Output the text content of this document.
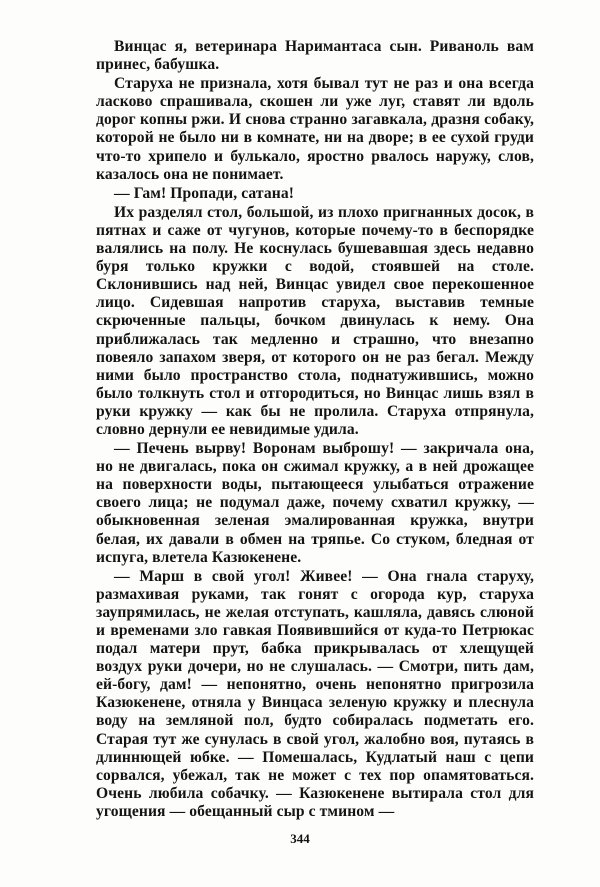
Винцас я, ветеринара Наримантаса сын. Риваноль вам принес, бабушка.

Старуха не признала, хотя бывал тут не раз и она всегда ласково спрашивала, скошен ли уже луг, ставят ли вдоль дорог копны ржи. И снова странно загавкала, дразня собаку, которой не было ни в комнате, ни на дворе; в ее сухой груди что-то хрипело и булькало, яростно рвалось наружу, слов, казалось она не понимает.

— Гам! Пропади, сатана!

Их разделял стол, большой, из плохо пригнанных досок, в пятнах и саже от чугунов, которые почему-то в беспорядке валялись на полу. Не коснулась бушевавшая здесь недавно буря только кружки с водой, стоявшей на столе. Склонившись над ней, Винцас увидел свое перекошенное лицо. Сидевшая напротив старуха, выставив темные скрюченные пальцы, бочком двинулась к нему. Она приближалась так медленно и страшно, что внезапно повеяло запахом зверя, от которого он не раз бегал. Между ними было пространство стола, поднатужившись, можно было толкнуть стол и отгородиться, но Винцас лишь взял в руки кружку — как бы не пролила. Старуха отпрянула, словно дернули ее невидимые удила.

— Печень вырву! Воронам выброшу! — закричала она, но не двигалась, пока он сжимал кружку, а в ней дрожащее на поверхности воды, пытающееся улыбаться отражение своего лица; не подумал даже, почему схватил кружку, — обыкновенная зеленая эмалированная кружка, внутри белая, их давали в обмен на тряпье. Со стуком, бледная от испуга, влетела Казюкенене.

— Марш в свой угол! Живее! — Она гнала старуху, размахивая руками, так гонят с огорода кур, старуха заупрямилась, не желая отступать, кашляла, давясь слюной и временами зло гавкая Появившийся от куда-то Петрюкас подал матери прут, бабка прикрывалась от хлещущей воздух руки дочери, но не слушалась. — Смотри, пить дам, ей-богу, дам! — непонятно, очень непонятно пригрозила Казюкенене, отняла у Винцаса зеленую кружку и плеснула воду на земляной пол, будто собиралась подметать его. Старая тут же сунулась в свой угол, жалобно воя, путаясь в длиннющей юбке. — Помешалась, Кудлатый наш с цепи сорвался, убежал, так не может с тех пор опамятоваться. Очень любила собачку. — Казюкенене вытирала стол для угощения — обещанный сыр с тмином —

344
